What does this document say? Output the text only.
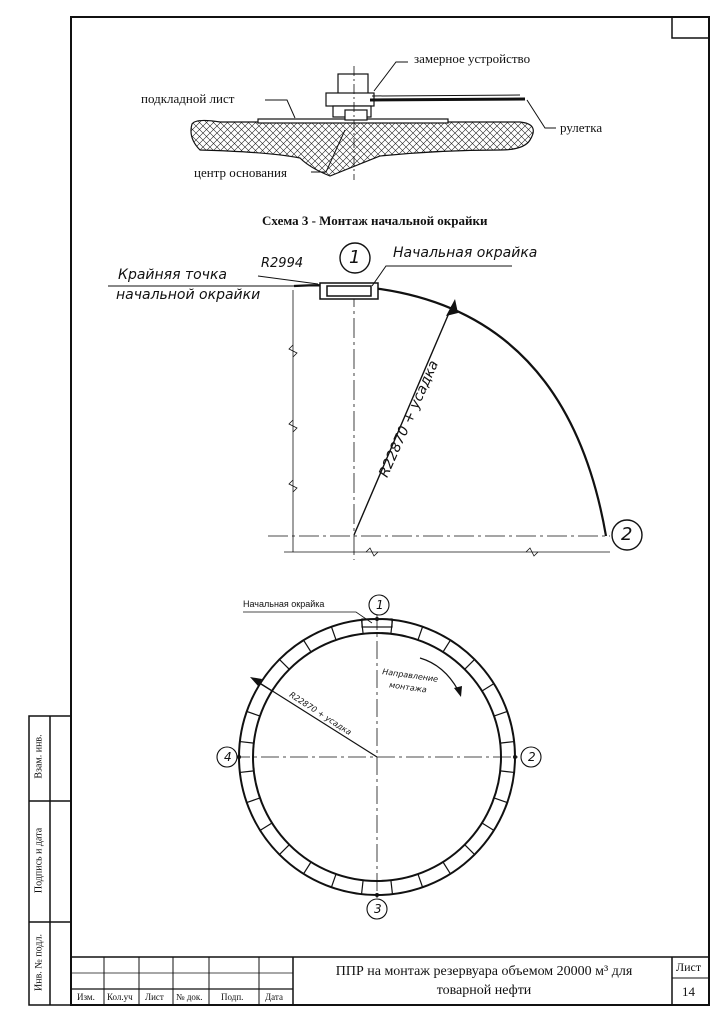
замерное устройство
подкладной лист
рулетка
центр основания
Схема 3 - Монтаж начальной окрайки
Крайняя точка
начальной окрайки
R2994
Начальная окрайка
R22870 + усадка
1
2
Начальная окрайка
R22870 + усадка
Направление
монтажа
1
2
3
4
Взам. инв.
Подпись и дата
Инв. № подл.
Изм. Кол.уч Лист № док. Подп. Дата
ППР на монтаж резервуара объемом 20000 м³ для
товарной нефти
Лист
14
